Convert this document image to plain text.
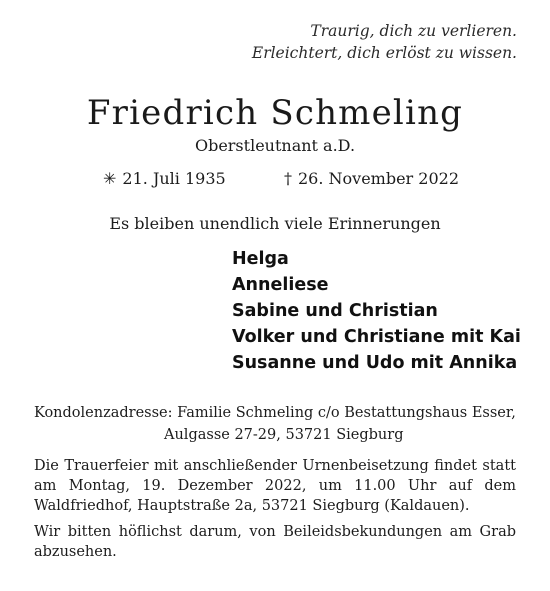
Traurig, dich zu verlieren.
Erleichtert, dich erlöst zu wissen.
Friedrich Schmeling
Oberstleutnant a.D.
✳ 21. Juli 1935	† 26. November 2022
Es bleiben unendlich viele Erinnerungen
Helga
Anneliese
Sabine und Christian
Volker und Christiane mit Kai
Susanne und Udo mit Annika
Kondolenzadresse: Familie Schmeling c/o Bestattungshaus Esser,
Aulgasse 27-29, 53721 Siegburg
Die Trauerfeier mit anschließender Urnenbeisetzung findet statt am Montag, 19. Dezember 2022, um 11.00 Uhr auf dem Waldfriedhof, Hauptstraße 2a, 53721 Siegburg (Kaldauen).
Wir bitten höflichst darum, von Beileidsbekundungen am Grab abzusehen.
